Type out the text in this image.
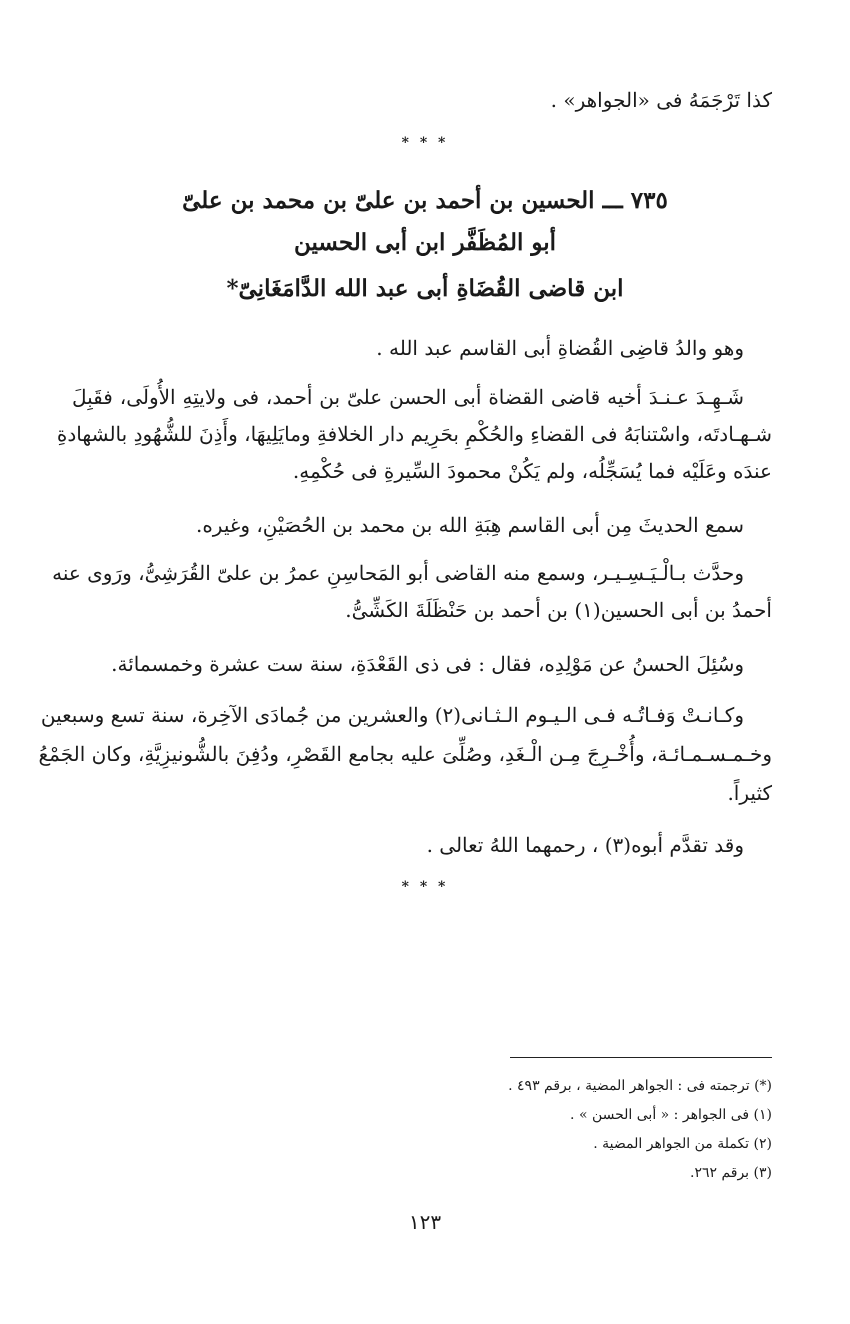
كذا تَرْجَمَهُ فى «الجواهر» .
* * *
٧٣٥ ـــ الحسين بن أحمد بن علىّ بن محمد بن علىّ
أبو المُظَفَّر ابن أبى الحسين
ابن قاضى القُضَاةِ أبى عبد الله الدَّامَغَانِىّ*
وهو والدُ قاضِى القُضاةِ أبى القاسم عبد الله .
شَـهِـدَ عـنـدَ أخيه قاضى القضاة أبى الحسن علىّ بن أحمد، فى ولايتِهِ الأُولَى، فقَبِلَ
شـهـادتَه، واسْتنابَهُ فى القضاءِ والحُكْمِ بحَرِيم دار الخلافةِ ومايَلِيهَا، وأَذِنَ للشُّهُودِ بالشهادةِ
عندَه وعَلَيْه فما يُسَجِّلُه، ولم يَكُنْ محمودَ السِّيرةِ فى حُكْمِهِ.
سمع الحديثَ مِن أبى القاسم هِبَةِ الله بن محمد بن الحُصَيْنِ، وغيره.
وحدَّث بـالْـيَـسِـيـر، وسمع منه القاضى أبو المَحاسِنِ عمرُ بن علىّ القُرَشِىُّ، ورَوى عنه
أحمدُ بن أبى الحسين(١) بن أحمد بن حَنْظَلَةَ الكَشِّىُّ.
وسُئِلَ الحسنُ عن مَوْلِدِه، فقال : فى ذى القَعْدَةِ، سنة ست عشرة وخمسمائة.
وكـانـتْ وَفـاتُـه فـى الـيـوم الـثـانى(٢) والعشرين من جُمادَى الآخِرة، سنة تسع وسبعين
وخـمـسـمـائـة، وأُخْـرِجَ مِـن الْـغَدِ، وصُلِّىَ عليه بجامع القَصْرِ، ودُفِنَ بالشُّونيزِيَّةِ، وكان الجَمْعُ
كثيراً.
وقد تقدَّم أبوه(٣) ، رحمهما اللهُ تعالى .
* * *
(*) ترجمته فى : الجواهر المضية ، برقم ٤٩٣ .
(١) فى الجواهر : « أبى الحسن » .
(٢) تكملة من الجواهر المضية .
(٣) برقم ٢٦٢.
١٢٣
